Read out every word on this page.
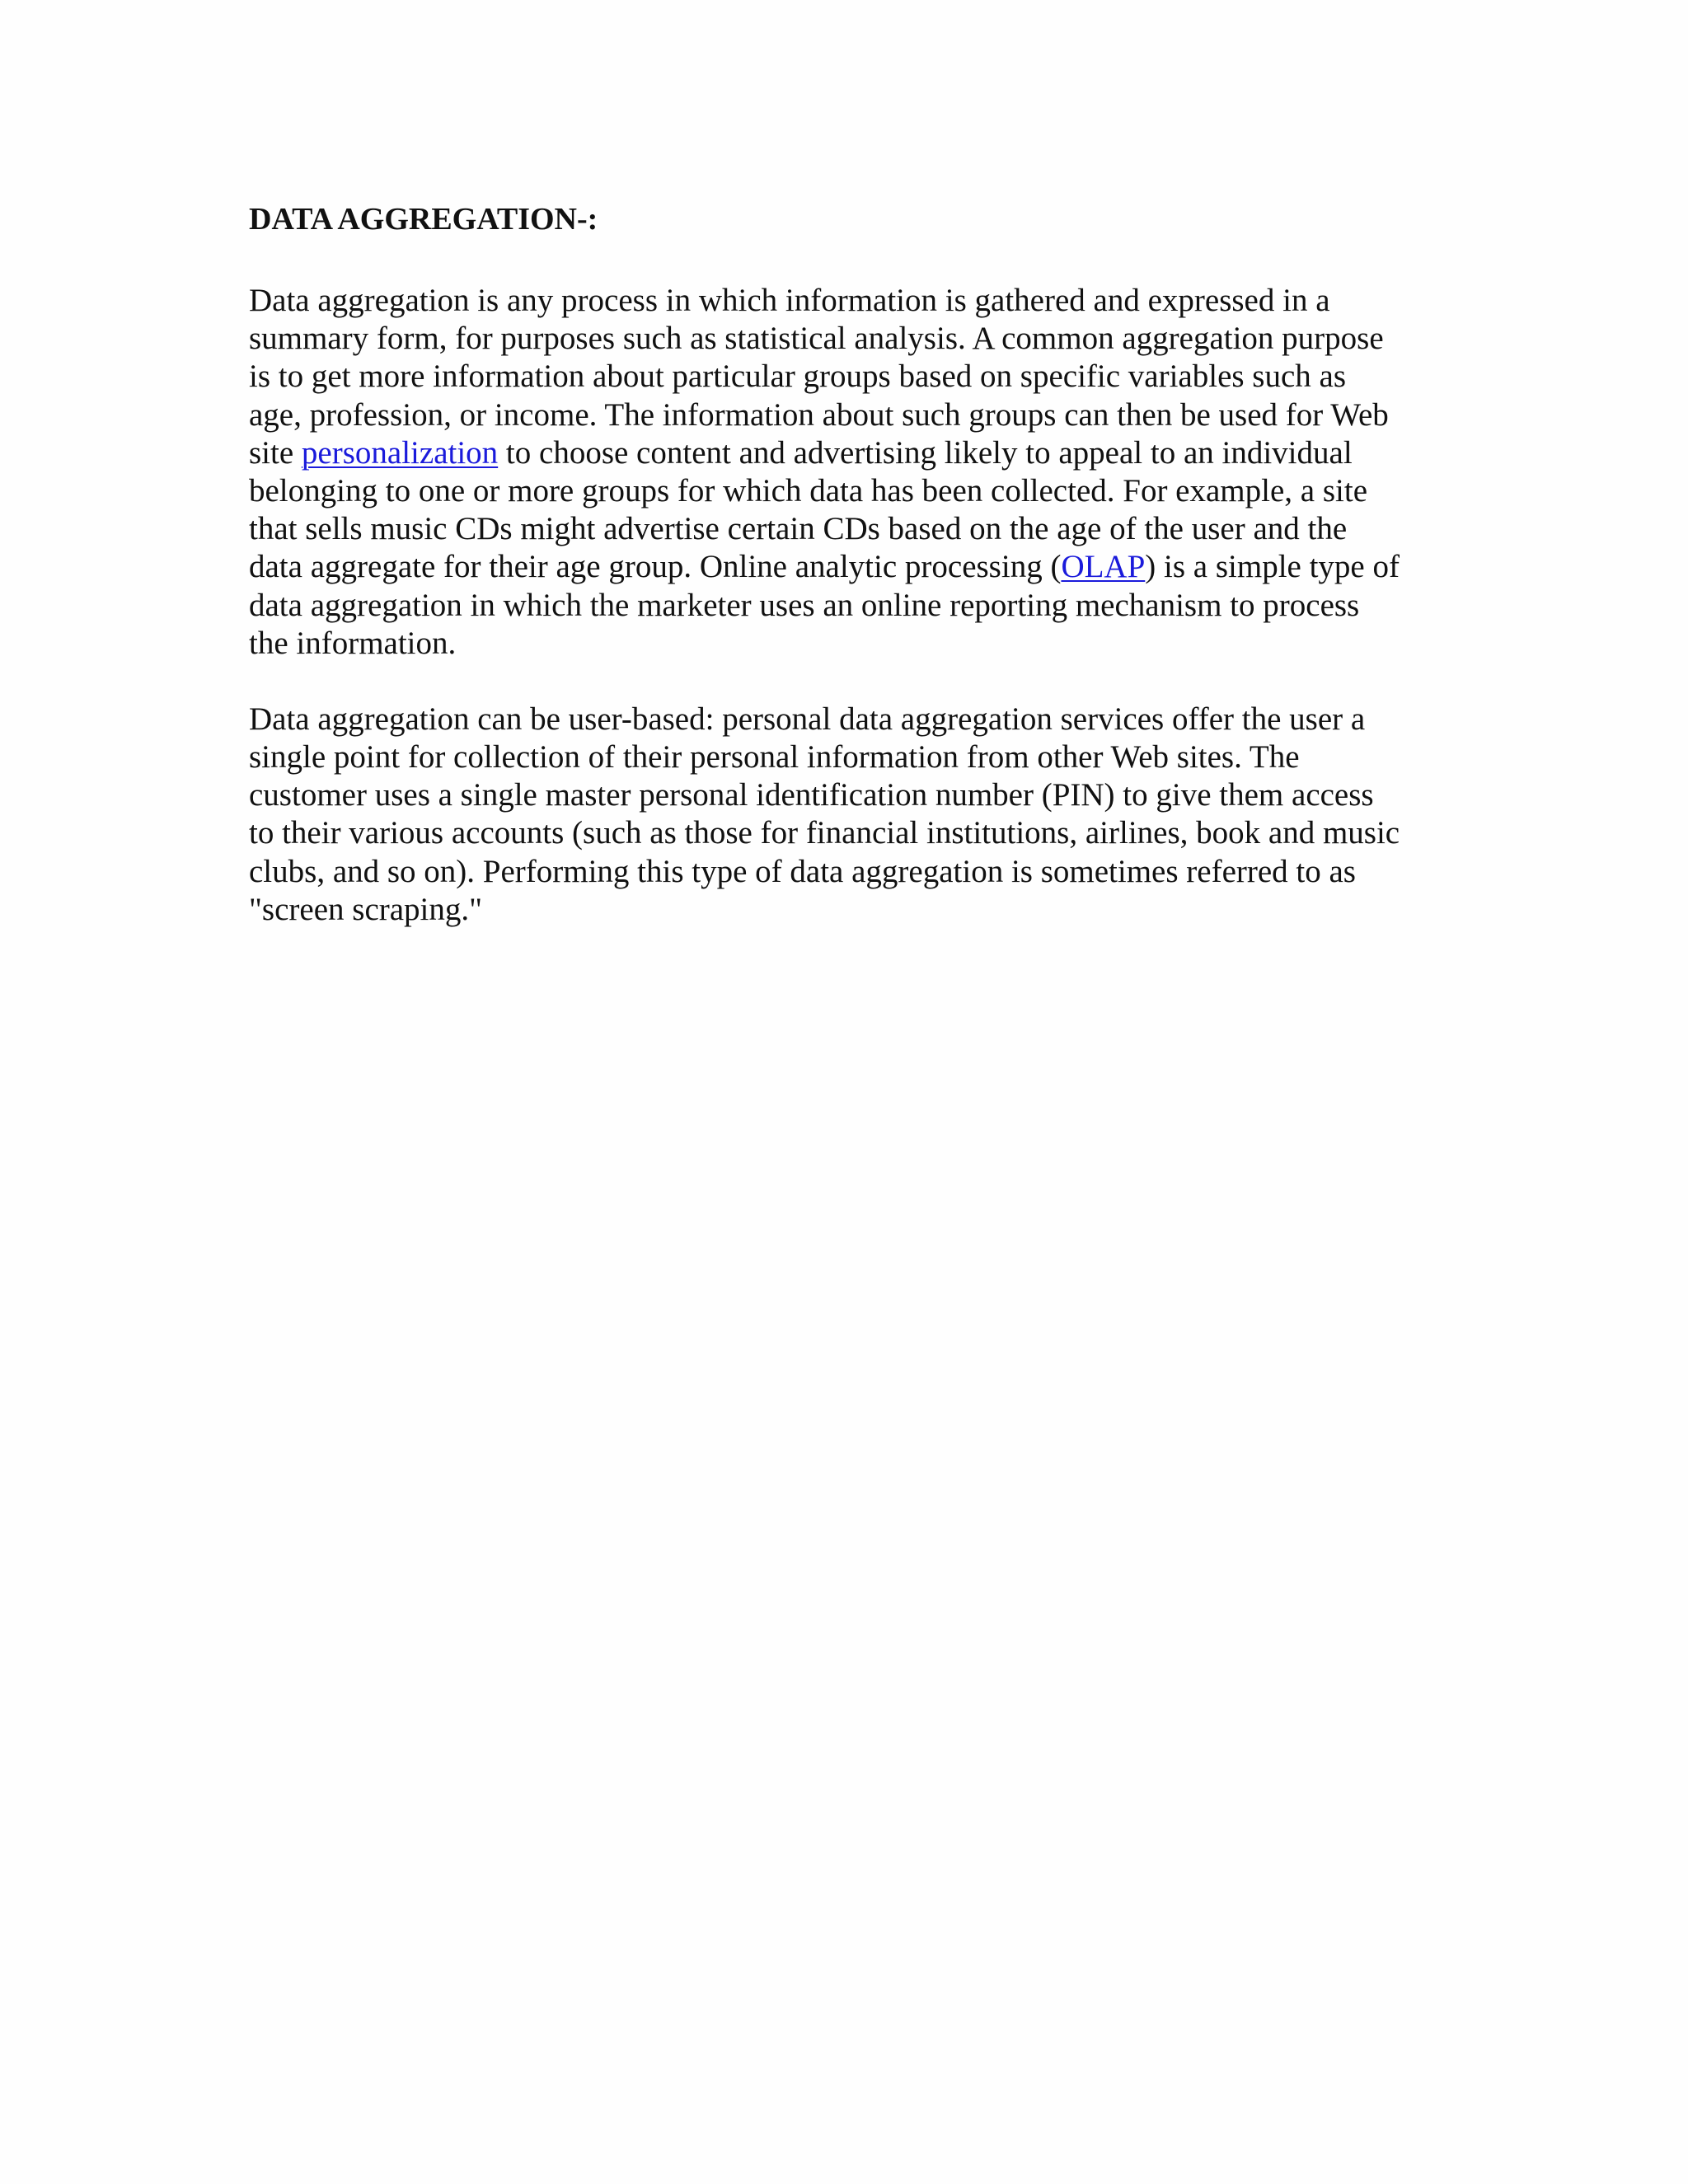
DATA AGGREGATION-:

Data aggregation is any process in which information is gathered and expressed in a
summary form, for purposes such as statistical analysis. A common aggregation purpose
is to get more information about particular groups based on specific variables such as
age, profession, or income. The information about such groups can then be used for Web
site personalization to choose content and advertising likely to appeal to an individual
belonging to one or more groups for which data has been collected. For example, a site
that sells music CDs might advertise certain CDs based on the age of the user and the
data aggregate for their age group. Online analytic processing (OLAP) is a simple type of
data aggregation in which the marketer uses an online reporting mechanism to process
the information.

Data aggregation can be user-based: personal data aggregation services offer the user a
single point for collection of their personal information from other Web sites. The
customer uses a single master personal identification number (PIN) to give them access
to their various accounts (such as those for financial institutions, airlines, book and music
clubs, and so on). Performing this type of data aggregation is sometimes referred to as
"screen scraping."
